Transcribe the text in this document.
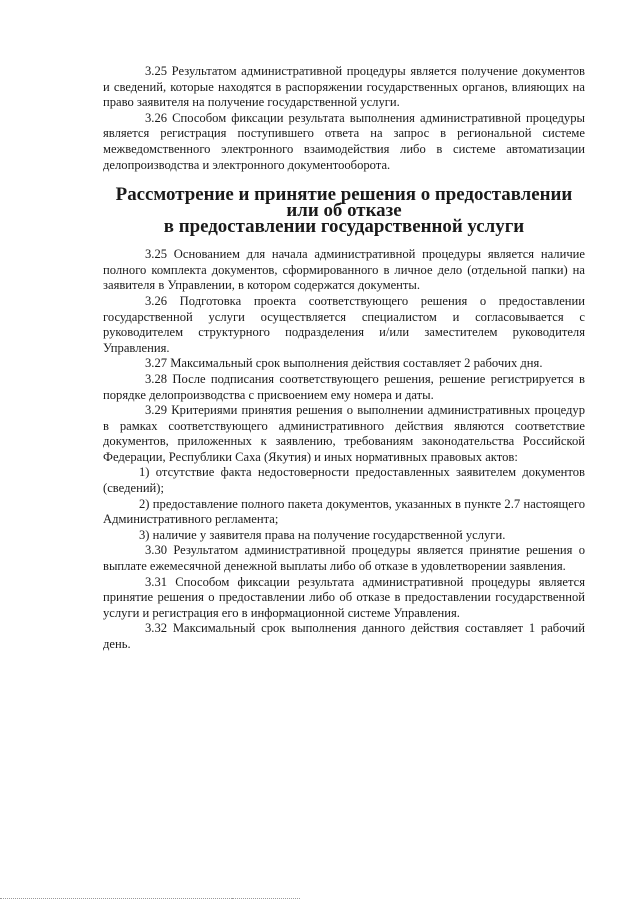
3.25 Результатом административной процедуры является получение документов и сведений, которые находятся в распоряжении государственных органов, влияющих на право заявителя на получение государственной услуги.

3.26 Способом фиксации результата выполнения административной процедуры является регистрация поступившего ответа на запрос в региональной системе межведомственного электронного взаимодействия либо в системе автоматизации делопроизводства и электронного документооборота.

Рассмотрение и принятие решения о предоставлении или об отказе
в предоставлении государственной услуги

3.25 Основанием для начала административной процедуры является наличие полного комплекта документов, сформированного в личное дело (отдельной папки) на заявителя в Управлении, в котором содержатся документы.

3.26 Подготовка проекта соответствующего решения о предоставлении государственной услуги осуществляется специалистом и согласовывается с руководителем структурного подразделения и/или заместителем руководителя Управления.

3.27 Максимальный срок выполнения действия составляет 2 рабочих дня.

3.28 После подписания соответствующего решения, решение регистрируется в порядке делопроизводства с присвоением ему номера и даты.

3.29 Критериями принятия решения о выполнении административных процедур в рамках соответствующего административного действия являются соответствие документов, приложенных к заявлению, требованиям законодательства Российской Федерации, Республики Саха (Якутия) и иных нормативных правовых актов:

1) отсутствие факта недостоверности предоставленных заявителем документов (сведений);

2) предоставление полного пакета документов, указанных в пункте 2.7 настоящего Административного регламента;

3) наличие у заявителя права на получение государственной услуги.

3.30 Результатом административной процедуры является принятие решения о выплате ежемесячной денежной выплаты либо об отказе в удовлетворении заявления.

3.31 Способом фиксации результата административной процедуры является принятие решения о предоставлении либо об отказе в предоставлении государственной услуги и регистрация его в информационной системе Управления.

3.32 Максимальный срок выполнения данного действия составляет 1 рабочий день.
